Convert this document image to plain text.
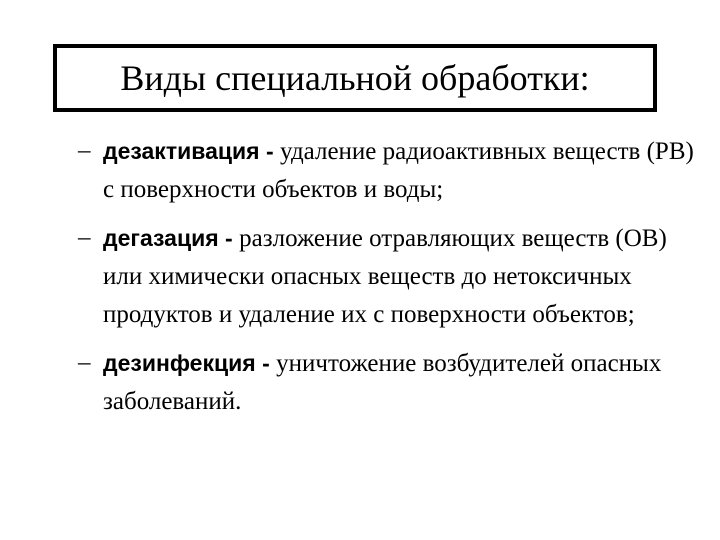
Виды специальной обработки:
– дезактивация - удаление радиоактивных веществ (РВ) с поверхности объектов и воды;
– дегазация - разложение отравляющих веществ (ОВ) или химически опасных веществ до нетоксичных продуктов и удаление их с поверхности объектов;
– дезинфекция - уничтожение возбудителей опасных заболеваний.
